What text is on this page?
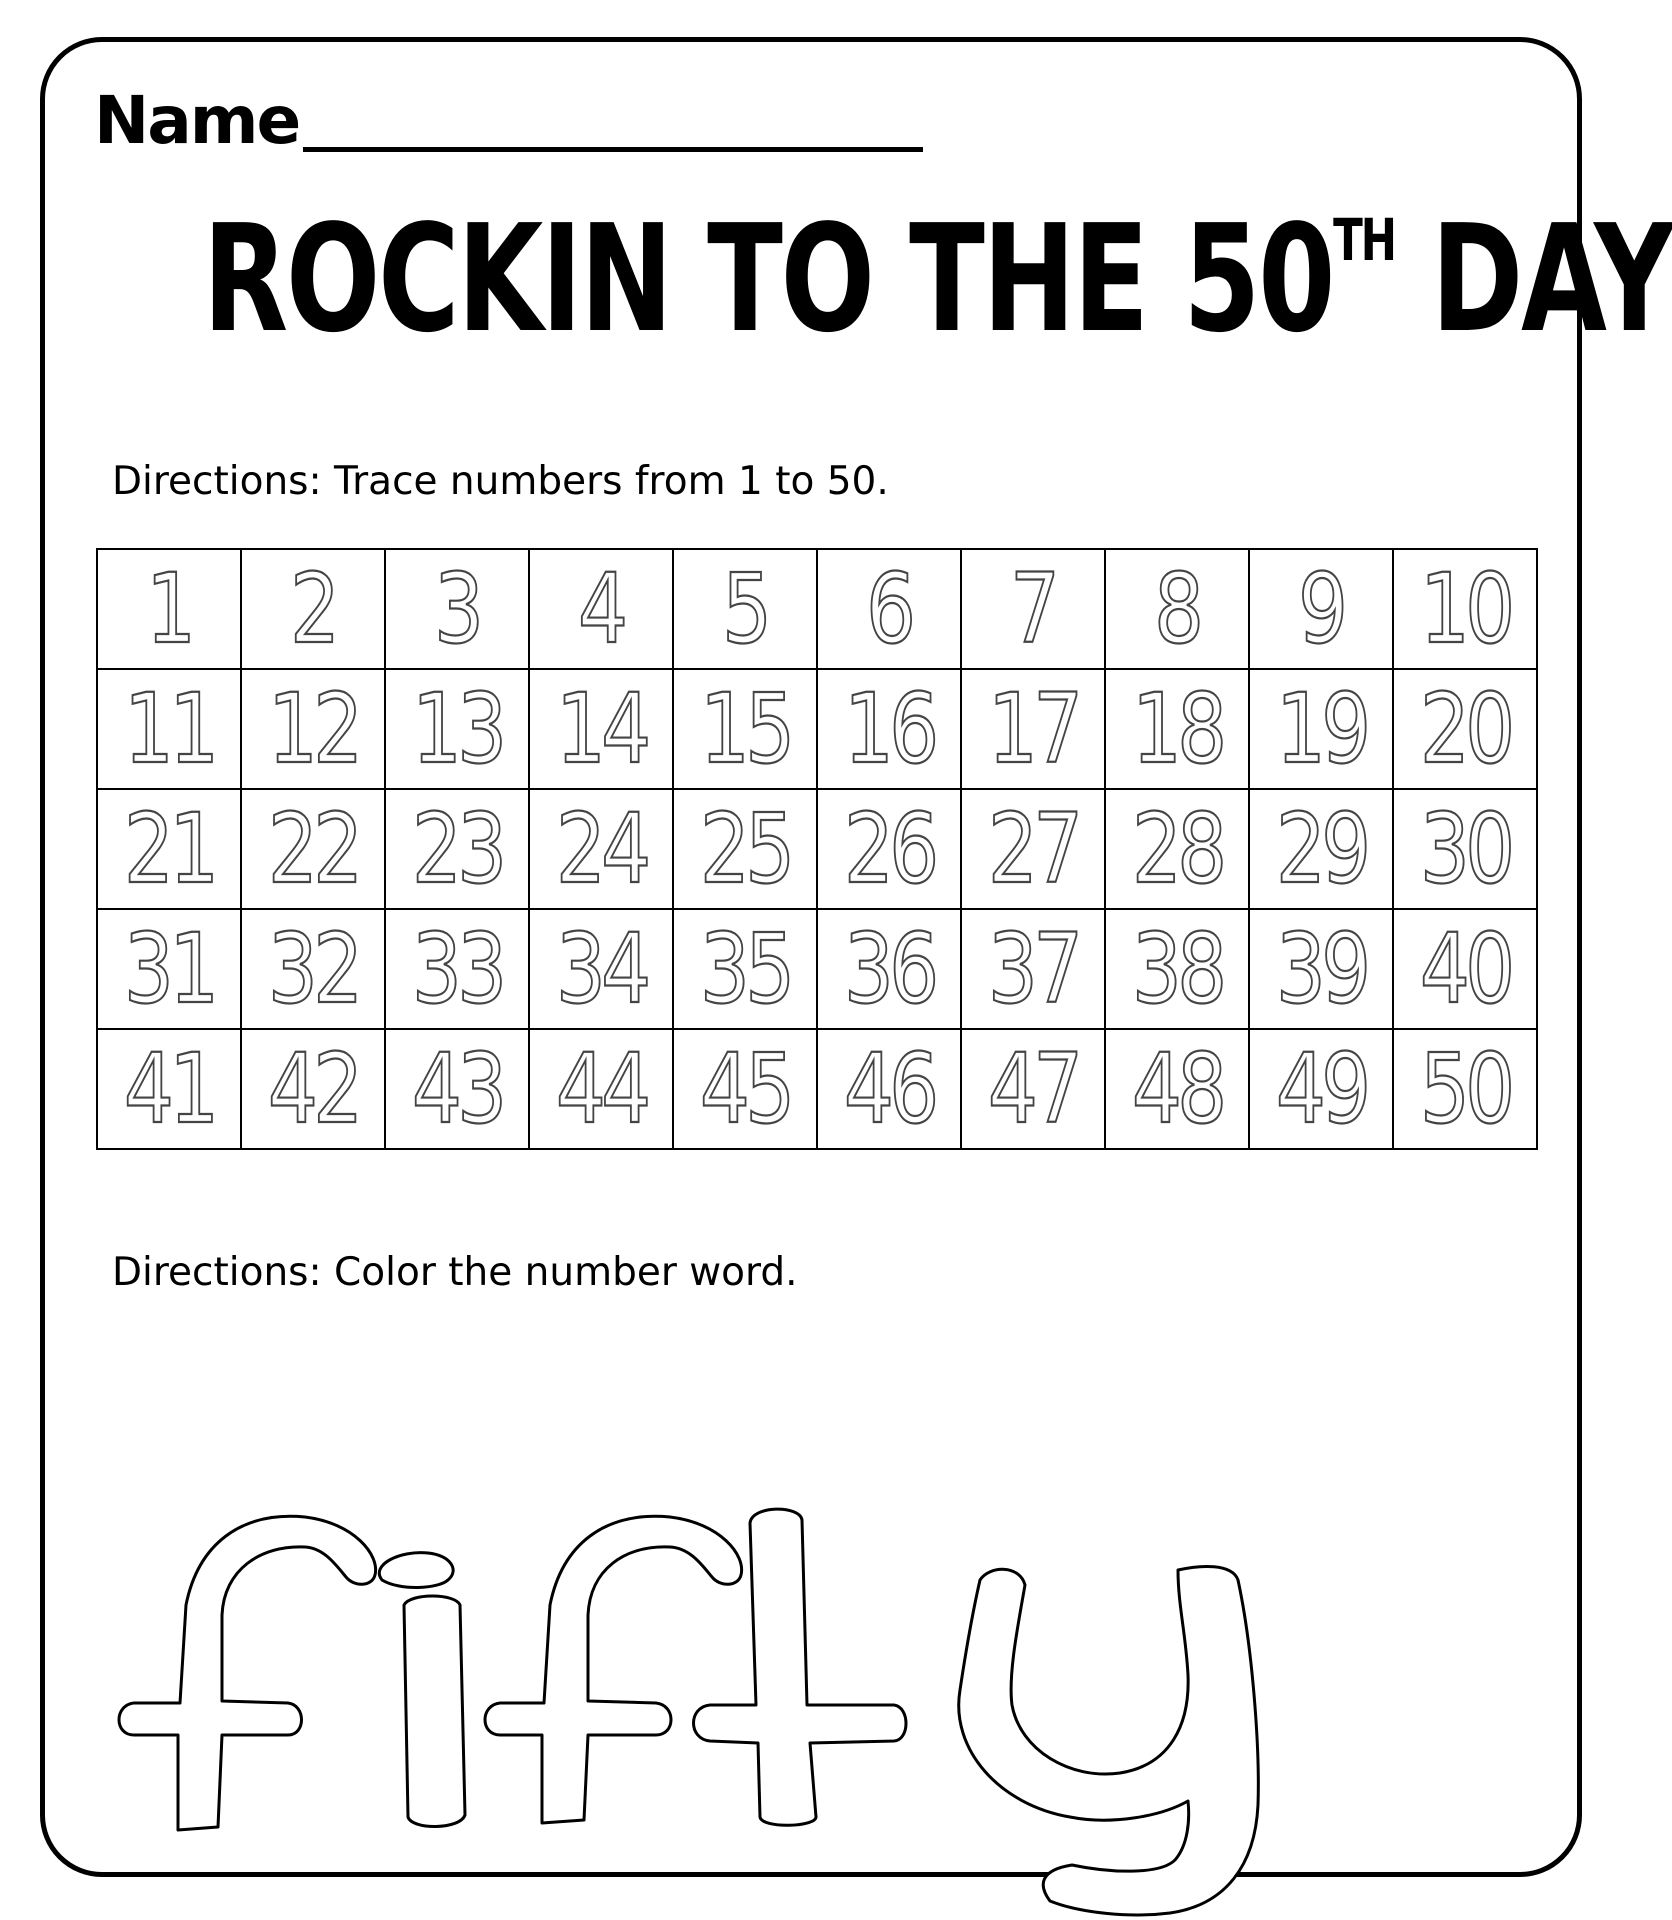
Name
ROCKIN TO THE 50TH DAY
Directions: Trace numbers from 1 to 50.
1	2	3	4	5	6	7	8	9	10
11	12	13	14	15	16	17	18	19	20
21	22	23	24	25	26	27	28	29	30
31	32	33	34	35	36	37	38	39	40
41	42	43	44	45	46	47	48	49	50
Directions: Color the number word.
